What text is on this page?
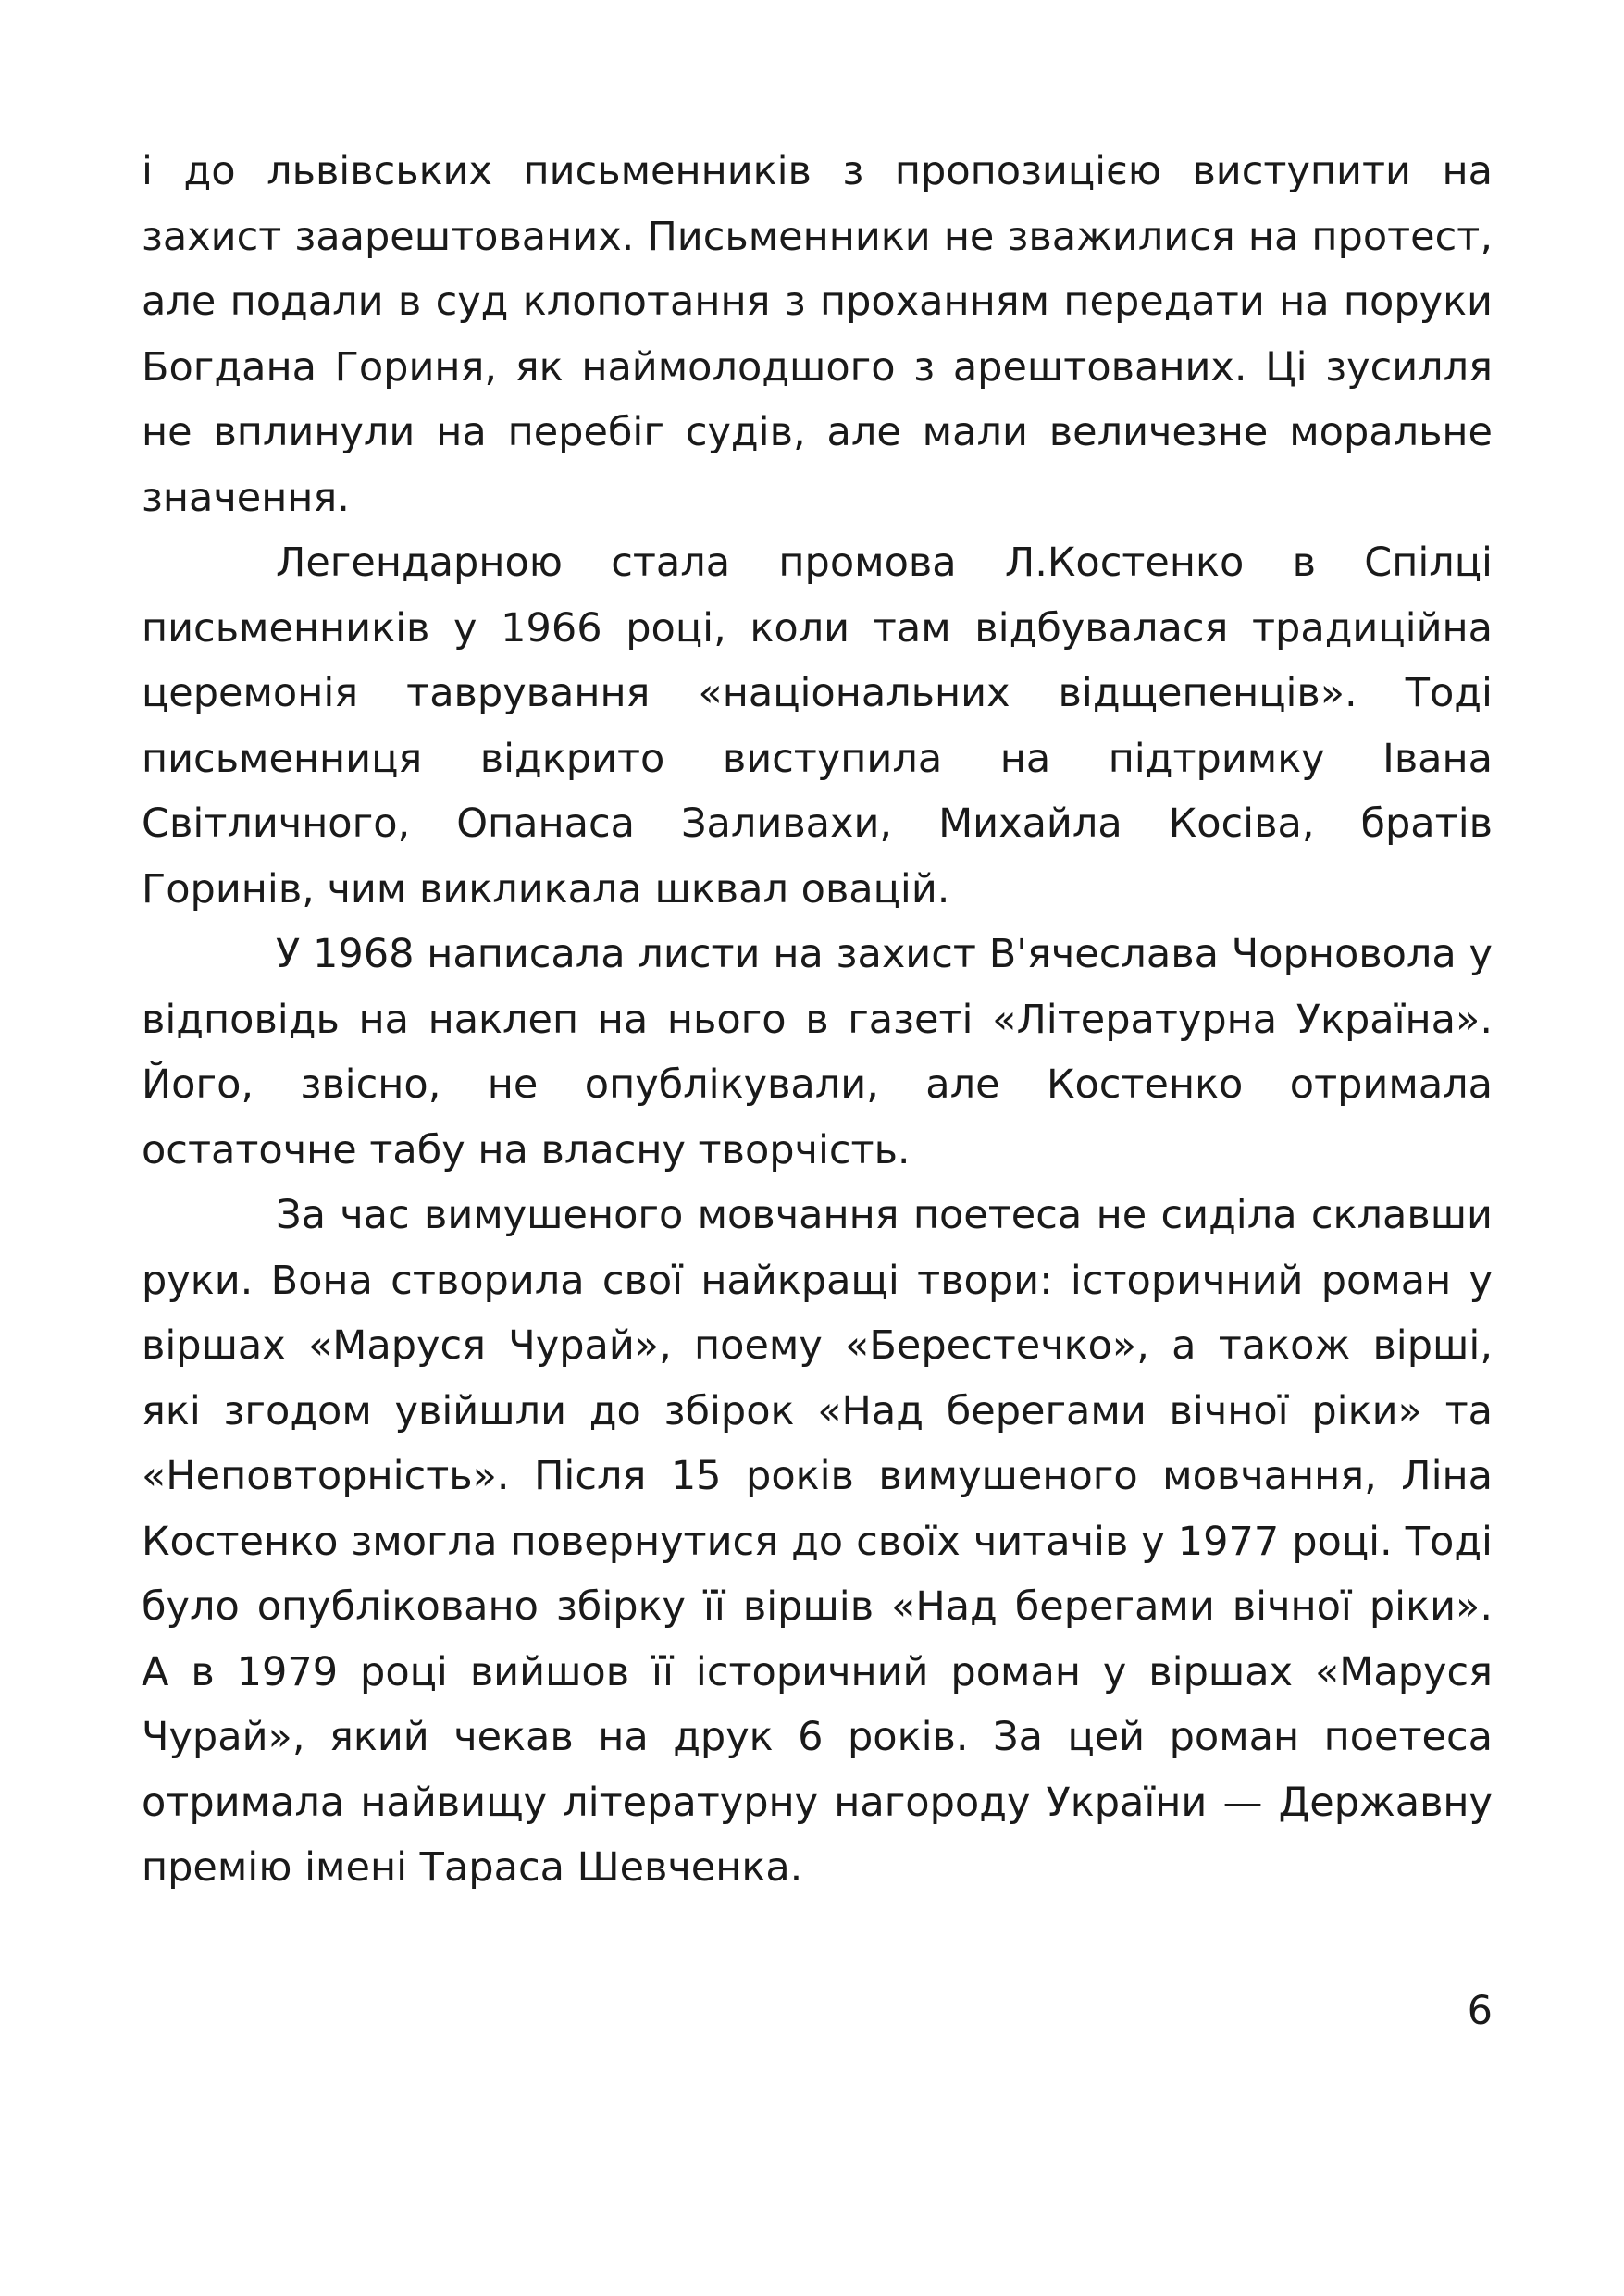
і до львівських письменників з пропозицією виступити на захист заарештованих. Письменники не зважилися на протест, але подали в суд клопотання з проханням передати на поруки Богдана Гориня, як наймолодшого з арештованих. Ці зусилля не вплинули на перебіг судів, але мали величезне моральне значення.

Легендарною стала промова Л.Костенко в Спілці письменників у 1966 році, коли там відбувалася традиційна церемонія таврування «національних відщепенців». Тоді письменниця відкрито виступила на підтримку Івана Світличного, Опанаса Заливахи, Михайла Косіва, братів Горинів, чим викликала шквал овацій.

У 1968 написала листи на захист В'ячеслава Чорновола у відповідь на наклеп на нього в газеті «Літературна Україна». Його, звісно, не опублікували, але Костенко отримала остаточне табу на власну творчість.

За час вимушеного мовчання поетеса не сиділа склавши руки. Вона створила свої найкращі твори: історичний роман у віршах «Маруся Чурай», поему «Берестечко», а також вірші, які згодом увійшли до збірок «Над берегами вічної ріки» та «Неповторність». Після 15 років вимушеного мовчання, Ліна Костенко змогла повернутися до своїх читачів у 1977 році. Тоді було опубліковано збірку її віршів «Над берегами вічної ріки». А в 1979 році вийшов її історичний роман у віршах «Маруся Чурай», який чекав на друк 6 років. За цей роман поетеса отримала найвищу літературну нагороду України — Державну премію імені Тараса Шевченка.

6
